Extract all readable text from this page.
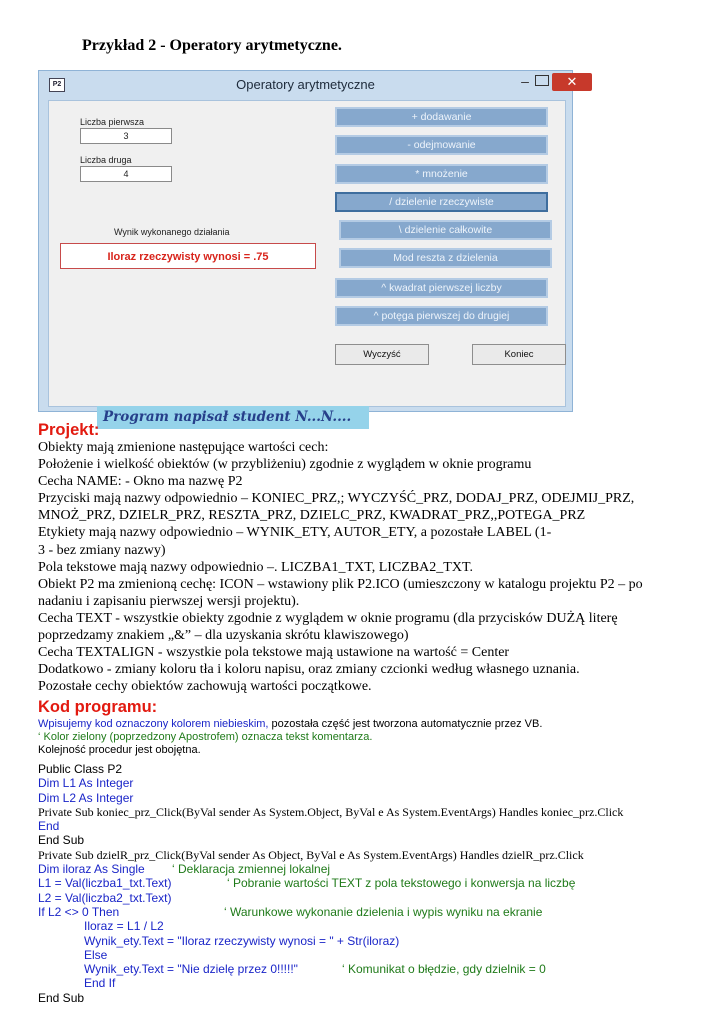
Przykład 2 - Operatory arytmetyczne.
P2	Operatory arytmetyczne	–	✕
Liczba pierwsza
3
Liczba druga
4
Wynik wykonanego działania
Iloraz rzeczywisty wynosi = .75
+ dodawanie
- odejmowanie
* mnożenie
/ dzielenie rzeczywiste
\ dzielenie całkowite
Mod reszta z dzielenia
^ kwadrat pierwszej liczby
^ potęga pierwszej do drugiej
Wyczyść	Koniec
Program napisał student N...N....
Projekt:
Obiekty mają zmienione następujące wartości cech:
Położenie i wielkość obiektów (w przybliżeniu) zgodnie z wyglądem w oknie programu
Cecha NAME: - Okno ma nazwę P2
Przyciski mają nazwy odpowiednio – KONIEC_PRZ,; WYCZYŚĆ_PRZ, DODAJ_PRZ, ODEJMIJ_PRZ,
MNOŻ_PRZ, DZIELR_PRZ, RESZTA_PRZ, DZIELC_PRZ, KWADRAT_PRZ,,POTEGA_PRZ
Etykiety mają nazwy odpowiednio – WYNIK_ETY, AUTOR_ETY, a pozostałe LABEL (1-
3 - bez zmiany nazwy)
Pola tekstowe mają nazwy odpowiednio –. LICZBA1_TXT, LICZBA2_TXT.
Obiekt P2 ma zmienioną cechę: ICON – wstawiony plik P2.ICO (umieszczony w katalogu projektu P2 – po
nadaniu i zapisaniu pierwszej wersji projektu).
Cecha TEXT - wszystkie obiekty zgodnie z wyglądem w oknie programu (dla przycisków DUŻĄ literę
poprzedzamy znakiem „&” – dla uzyskania skrótu klawiszowego)
Cecha TEXTALIGN - wszystkie pola tekstowe mają ustawione na wartość = Center
Dodatkowo - zmiany koloru tła i koloru napisu, oraz zmiany czcionki według własnego uznania.
Pozostałe cechy obiektów zachowują wartości początkowe.
Kod programu:
Wpisujemy kod oznaczony kolorem niebieskim, pozostała część jest tworzona automatycznie przez VB.
‘ Kolor zielony (poprzedzony Apostrofem) oznacza tekst komentarza.
Kolejność procedur jest obojętna.
Public Class P2
Dim L1 As Integer
Dim L2 As Integer
Private Sub koniec_prz_Click(ByVal sender As System.Object, ByVal e As System.EventArgs) Handles koniec_prz.Click
End
End Sub
Private Sub dzielR_prz_Click(ByVal sender As Object, ByVal e As System.EventArgs) Handles dzielR_prz.Click
Dim iloraz As Single ‘ Deklaracja zmiennej lokalnej
L1 = Val(liczba1_txt.Text)	‘ Pobranie wartości TEXT z pola tekstowego i konwersja na liczbę
L2 = Val(liczba2_txt.Text)
If L2 <> 0 Then	‘ Warunkowe wykonanie dzielenia i wypis wyniku na ekranie
Iloraz = L1 / L2
Wynik_ety.Text = "Iloraz rzeczywisty wynosi = " + Str(iloraz)
Else
Wynik_ety.Text = "Nie dzielę przez 0!!!!!"	‘ Komunikat o błędzie, gdy dzielnik = 0
End If
End Sub
